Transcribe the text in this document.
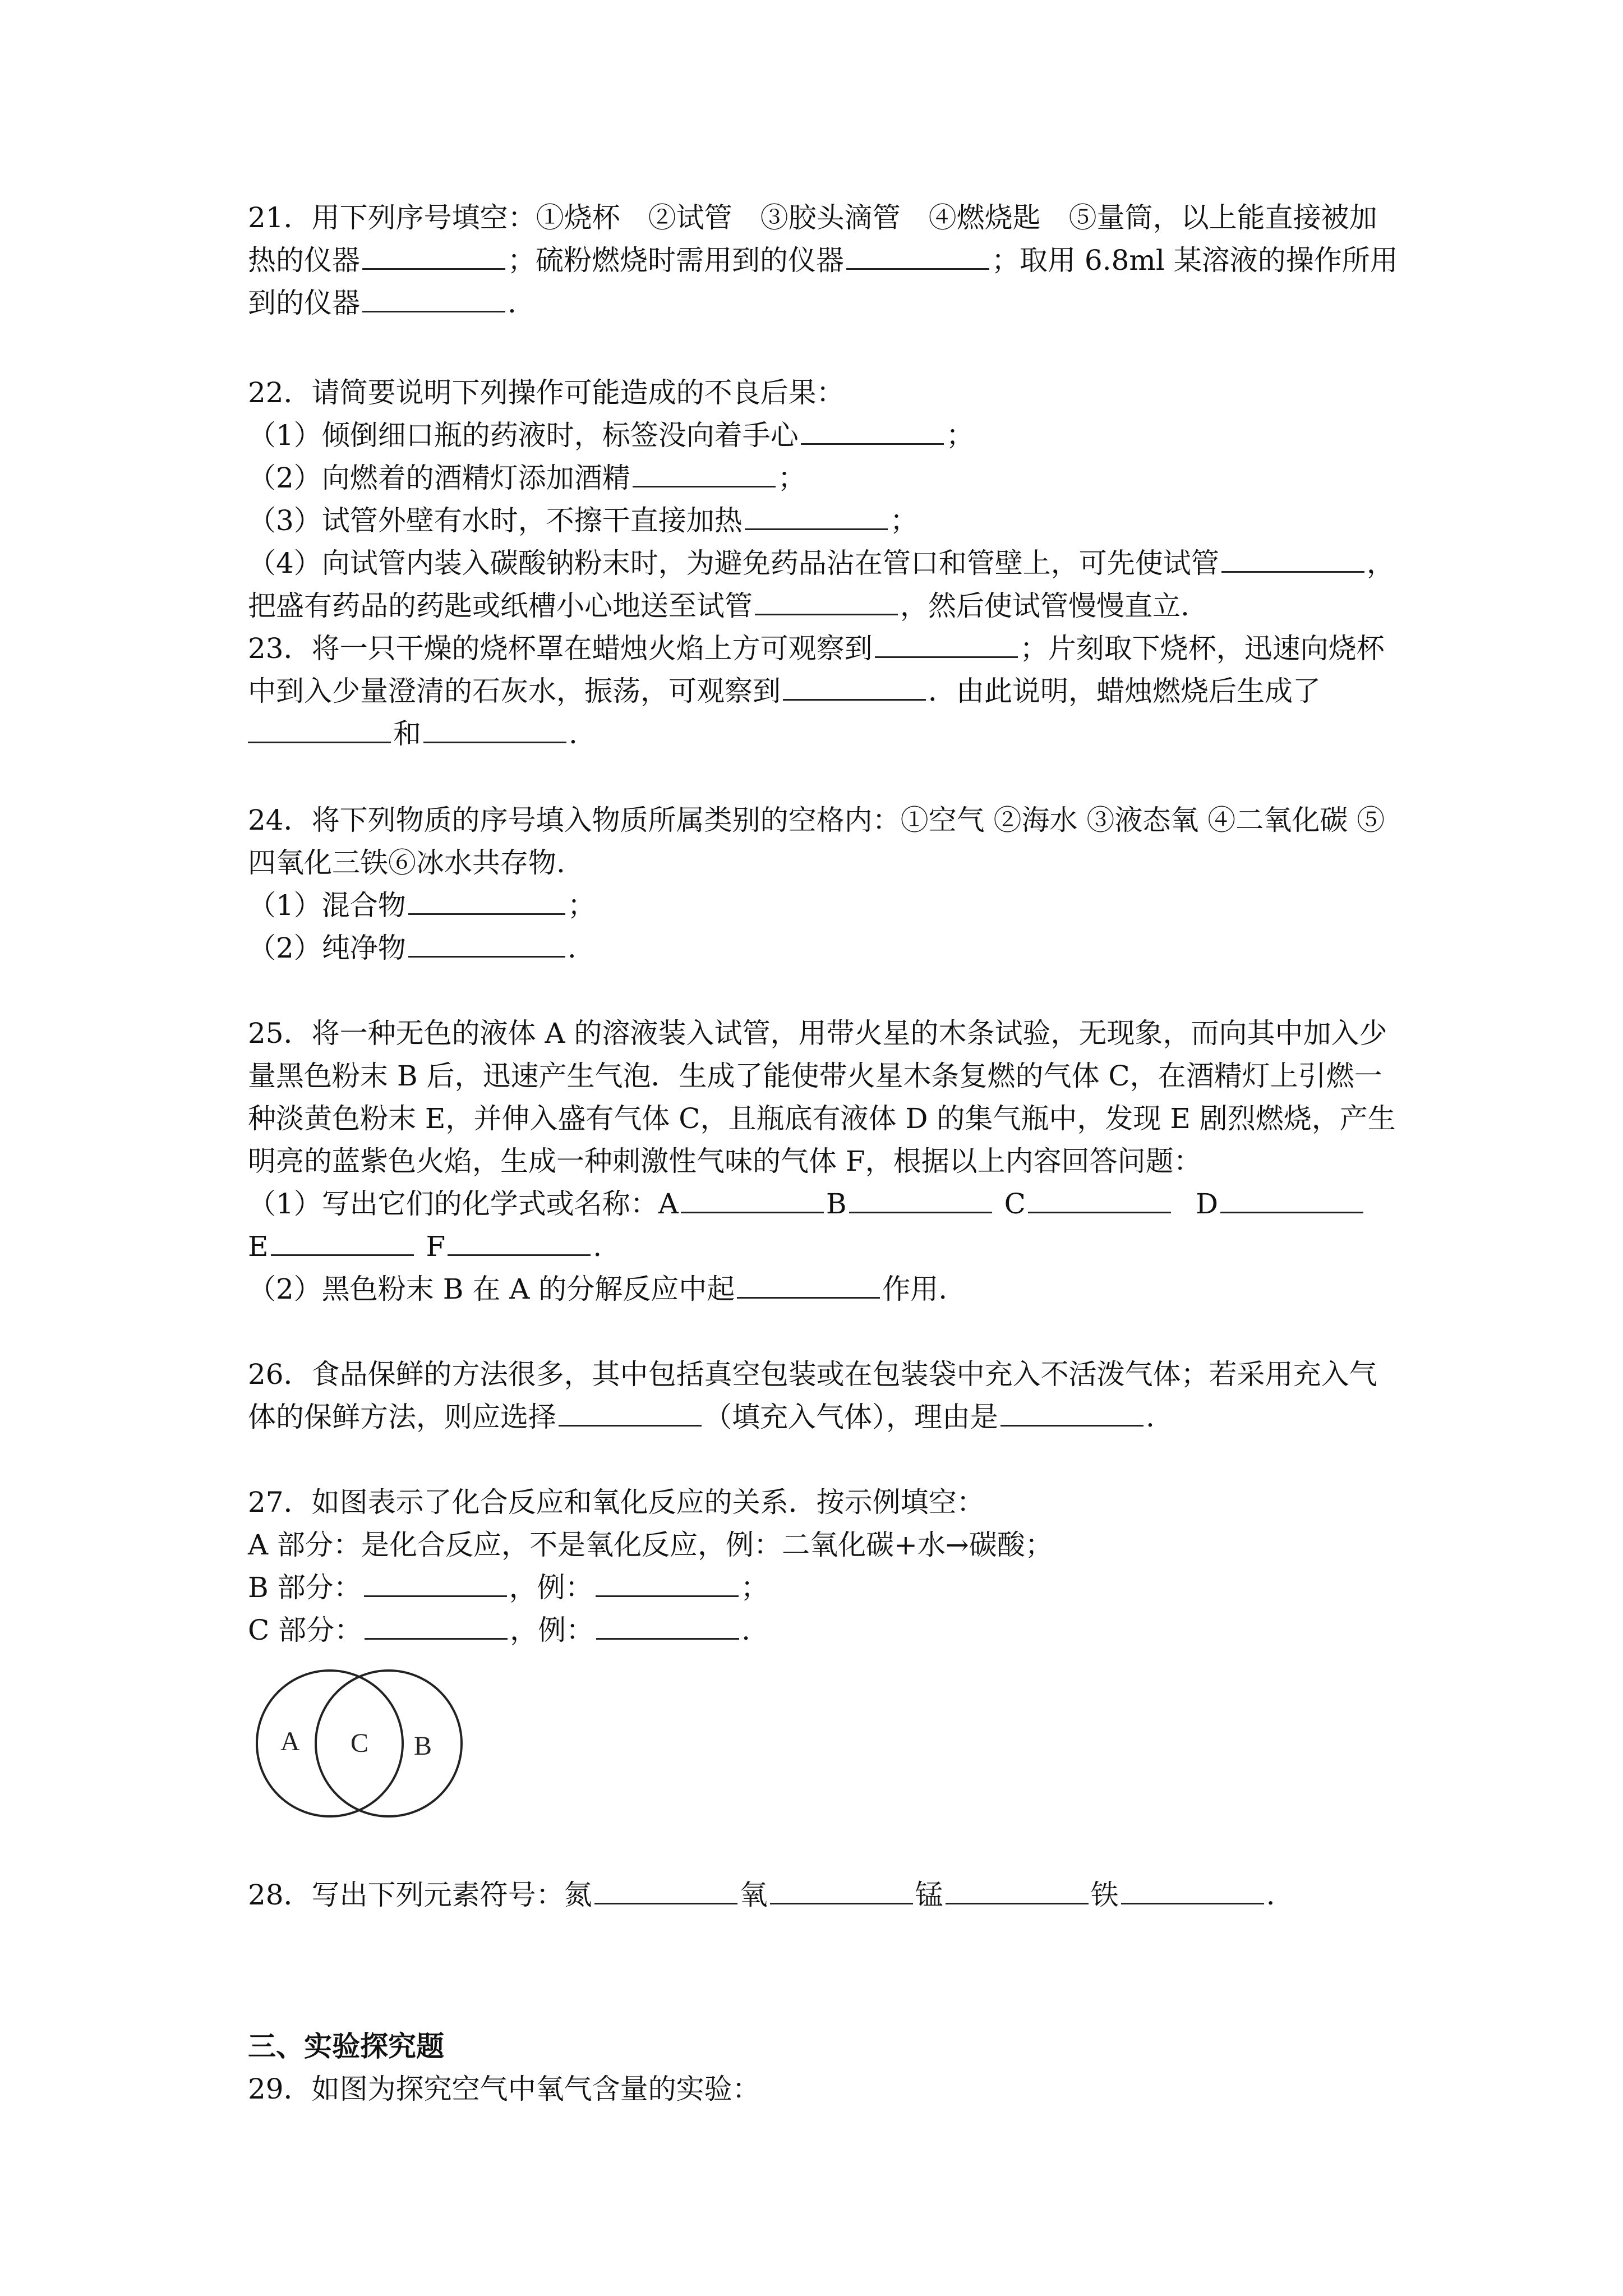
21．用下列序号填空：①烧杯　②试管　③胶头滴管　④燃烧匙　⑤量筒，以上能直接被加
热的仪器	；硫粉燃烧时需用到的仪器	；取用 6.8ml 某溶液的操作所用
到的仪器	.
22．请简要说明下列操作可能造成的不良后果：
（1）倾倒细口瓶的药液时，标签没向着手心	；
（2）向燃着的酒精灯添加酒精	；
（3）试管外壁有水时，不擦干直接加热	；
（4）向试管内装入碳酸钠粉末时，为避免药品沾在管口和管壁上，可先使试管	，
把盛有药品的药匙或纸槽小心地送至试管	，然后使试管慢慢直立.
23．将一只干燥的烧杯罩在蜡烛火焰上方可观察到	；片刻取下烧杯，迅速向烧杯
中到入少量澄清的石灰水，振荡，可观察到	．由此说明，蜡烛燃烧后生成了
和	.
24．将下列物质的序号填入物质所属类别的空格内：①空气 ②海水 ③液态氧 ④二氧化碳 ⑤
四氧化三铁⑥冰水共存物.
（1）混合物	；
（2）纯净物	.
25．将一种无色的液体 A 的溶液装入试管，用带火星的木条试验，无现象，而向其中加入少
量黑色粉末 B 后，迅速产生气泡．生成了能使带火星木条复燃的气体 C，在酒精灯上引燃一
种淡黄色粉末 E，并伸入盛有气体 C，且瓶底有液体 D 的集气瓶中，发现 E 剧烈燃烧，产生
明亮的蓝紫色火焰，生成一种刺激性气味的气体 F，根据以上内容回答问题：
（1）写出它们的化学式或名称：A	B	C	D
E	F	.
（2）黑色粉末 B 在 A 的分解反应中起	作用.
26．食品保鲜的方法很多，其中包括真空包装或在包装袋中充入不活泼气体；若采用充入气
体的保鲜方法，则应选择	（填充入气体），理由是	.
27．如图表示了化合反应和氧化反应的关系．按示例填空：
A 部分：是化合反应，不是氧化反应，例：二氧化碳+水→碳酸；
B 部分：	，例：	；
C 部分：	，例：	.
A C B
28．写出下列元素符号：氮	氧	锰	铁	.
三、实验探究题
29．如图为探究空气中氧气含量的实验：
